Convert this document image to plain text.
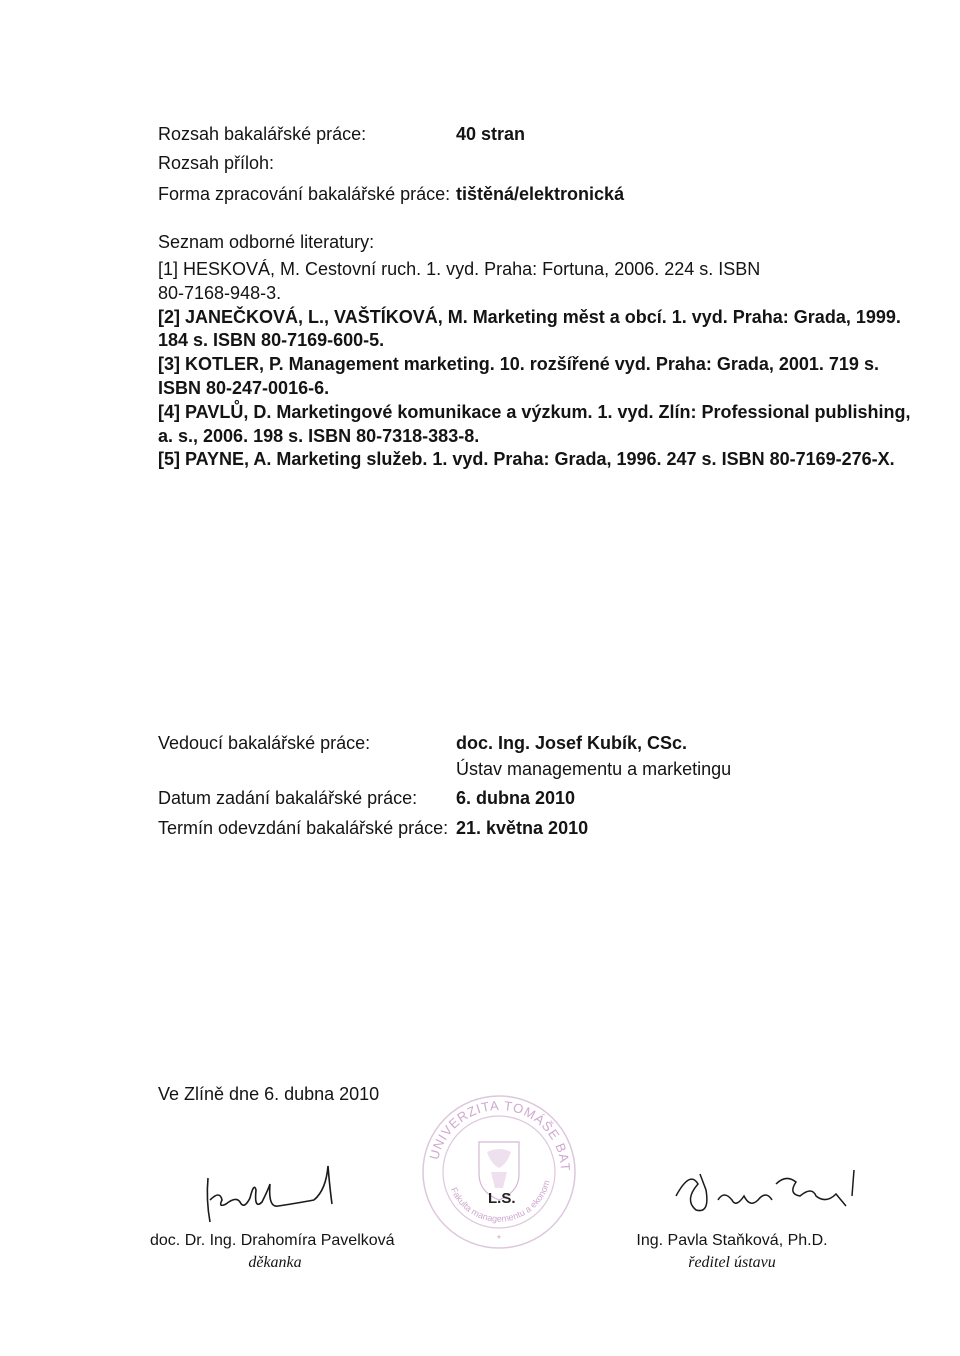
Rozsah bakalářské práce:	40 stran
Rozsah příloh:
Forma zpracování bakalářské práce: tištěná/elektronická
Seznam odborné literatury:
[1] HESKOVÁ, M. Cestovní ruch. 1. vyd. Praha: Fortuna, 2006. 224 s. ISBN
80-7168-948-3.
[2] JANEČKOVÁ, L., VAŠTÍKOVÁ, M. Marketing měst a obcí. 1. vyd. Praha: Grada, 1999.
184 s. ISBN 80-7169-600-5.
[3] KOTLER, P. Management marketing. 10. rozšířené vyd. Praha: Grada, 2001. 719 s.
ISBN 80-247-0016-6.
[4] PAVLŮ, D. Marketingové komunikace a výzkum. 1. vyd. Zlín: Professional publishing,
a. s., 2006. 198 s. ISBN 80-7318-383-8.
[5] PAYNE, A. Marketing služeb. 1. vyd. Praha: Grada, 1996. 247 s. ISBN 80-7169-276-X.
Vedoucí bakalářské práce:	doc. Ing. Josef Kubík, CSc.
Ústav managementu a marketingu
Datum zadání bakalářské práce: 6. dubna 2010
Termín odevzdání bakalářské práce: 21. května 2010
Ve Zlíně dne 6. dubna 2010
UNIVERZITA TOMÁŠE BAT
Fakulta managementu a ekonom
*
L.S.
doc. Dr. Ing. Drahomíra Pavelková
děkanka
Ing. Pavla Staňková, Ph.D.
ředitel ústavu
